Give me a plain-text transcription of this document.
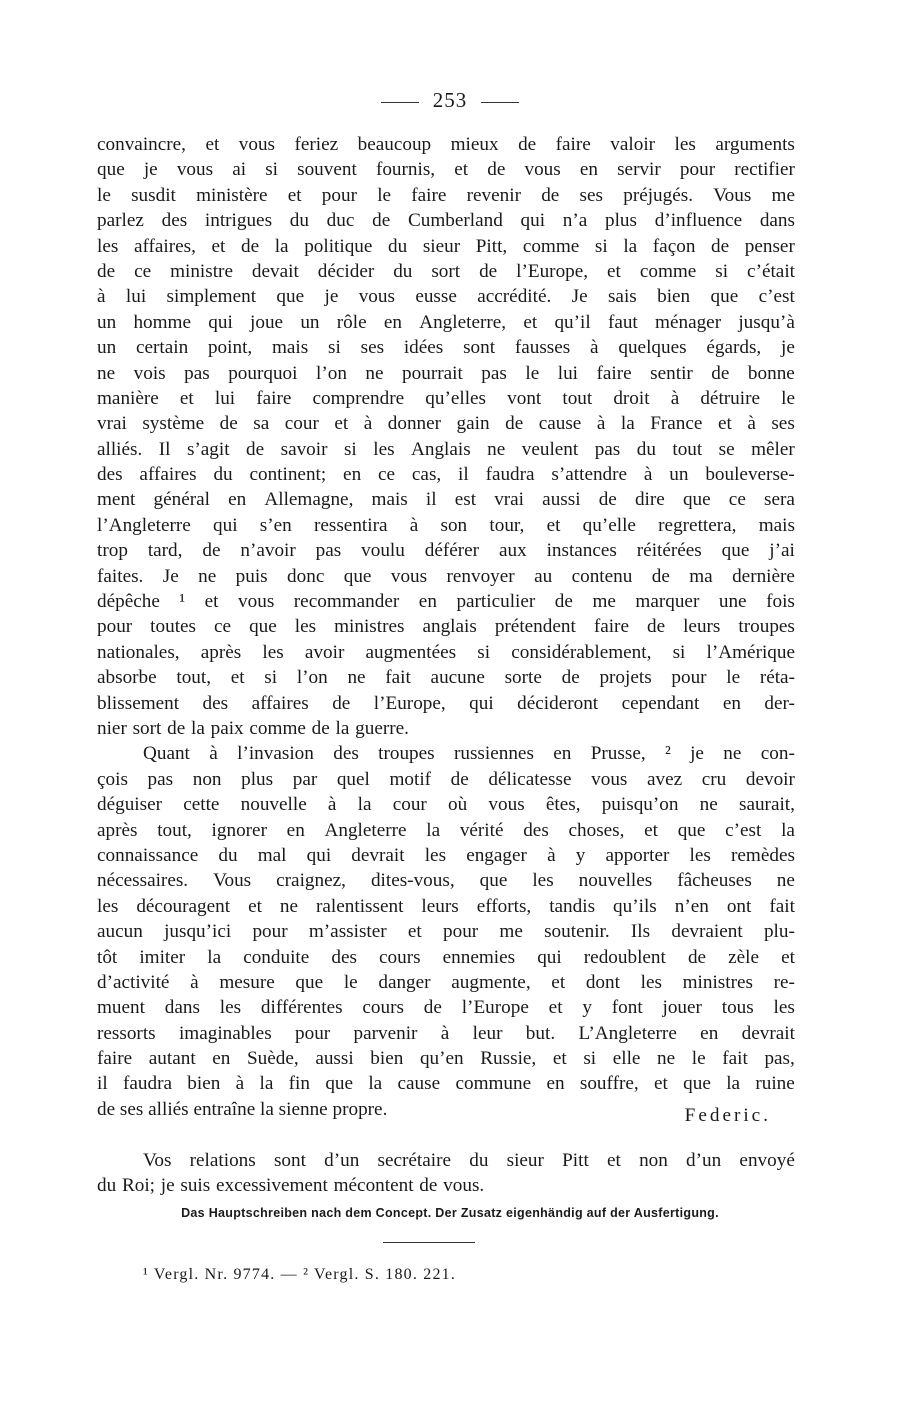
253
convaincre, et vous feriez beaucoup mieux de faire valoir les arguments
que je vous ai si souvent fournis, et de vous en servir pour rectifier
le susdit ministère et pour le faire revenir de ses préjugés. Vous me
parlez des intrigues du duc de Cumberland qui n’a plus d’influence dans
les affaires, et de la politique du sieur Pitt, comme si la façon de penser
de ce ministre devait décider du sort de l’Europe, et comme si c’était
à lui simplement que je vous eusse accrédité. Je sais bien que c’est
un homme qui joue un rôle en Angleterre, et qu’il faut ménager jusqu’à
un certain point, mais si ses idées sont fausses à quelques égards, je
ne vois pas pourquoi l’on ne pourrait pas le lui faire sentir de bonne
manière et lui faire comprendre qu’elles vont tout droit à détruire le
vrai système de sa cour et à donner gain de cause à la France et à ses
alliés. Il s’agit de savoir si les Anglais ne veulent pas du tout se mêler
des affaires du continent; en ce cas, il faudra s’attendre à un bouleverse-
ment général en Allemagne, mais il est vrai aussi de dire que ce sera
l’Angleterre qui s’en ressentira à son tour, et qu’elle regrettera, mais
trop tard, de n’avoir pas voulu déférer aux instances réitérées que j’ai
faites. Je ne puis donc que vous renvoyer au contenu de ma dernière
dépêche ¹ et vous recommander en particulier de me marquer une fois
pour toutes ce que les ministres anglais prétendent faire de leurs troupes
nationales, après les avoir augmentées si considérablement, si l’Amérique
absorbe tout, et si l’on ne fait aucune sorte de projets pour le réta-
blissement des affaires de l’Europe, qui décideront cependant en der-
nier sort de la paix comme de la guerre.
Quant à l’invasion des troupes russiennes en Prusse, ² je ne con-
çois pas non plus par quel motif de délicatesse vous avez cru devoir
déguiser cette nouvelle à la cour où vous êtes, puisqu’on ne saurait,
après tout, ignorer en Angleterre la vérité des choses, et que c’est la
connaissance du mal qui devrait les engager à y apporter les remèdes
nécessaires. Vous craignez, dites-vous, que les nouvelles fâcheuses ne
les découragent et ne ralentissent leurs efforts, tandis qu’ils n’en ont fait
aucun jusqu’ici pour m’assister et pour me soutenir. Ils devraient plu-
tôt imiter la conduite des cours ennemies qui redoublent de zèle et
d’activité à mesure que le danger augmente, et dont les ministres re-
muent dans les différentes cours de l’Europe et y font jouer tous les
ressorts imaginables pour parvenir à leur but. L’Angleterre en devrait
faire autant en Suède, aussi bien qu’en Russie, et si elle ne le fait pas,
il faudra bien à la fin que la cause commune en souffre, et que la ruine
de ses alliés entraîne la sienne propre.	Federic.
Vos relations sont d’un secrétaire du sieur Pitt et non d’un envoyé
du Roi; je suis excessivement mécontent de vous.
Das Hauptschreiben nach dem Concept. Der Zusatz eigenhändig auf der Ausfertigung.
¹ Vergl. Nr. 9774. — ² Vergl. S. 180. 221.
